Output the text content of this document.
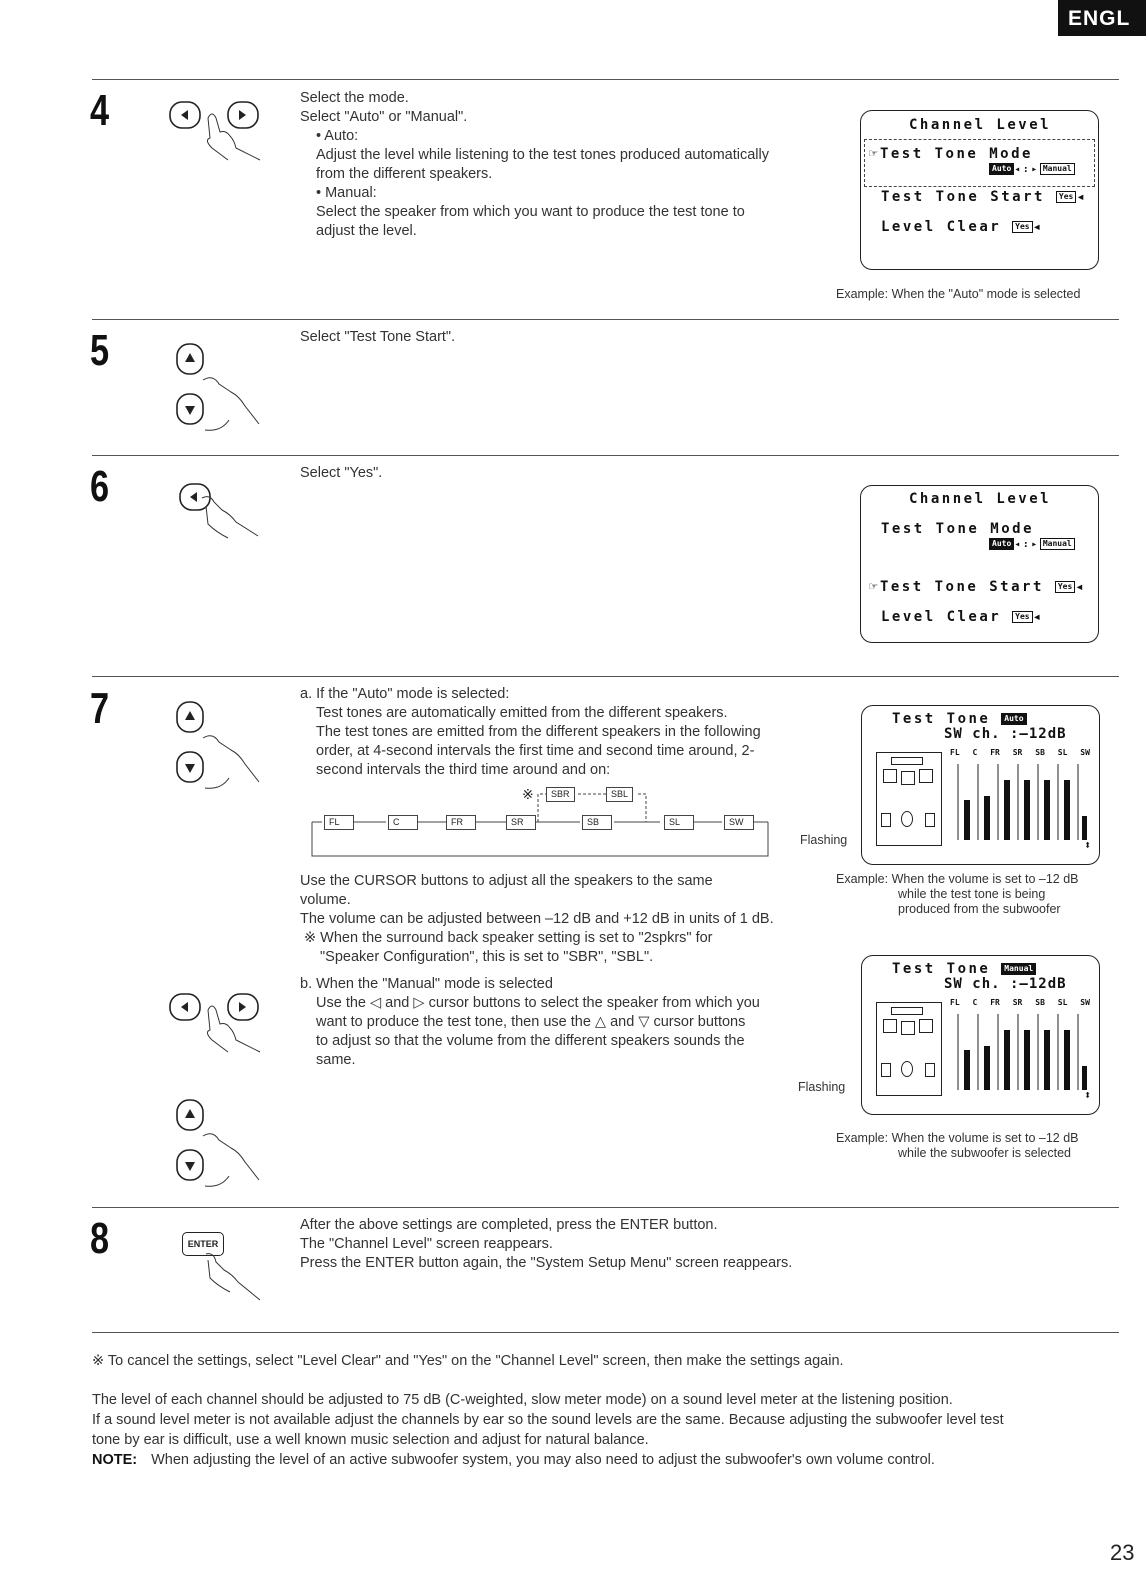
ENGL
4	Select the mode.

Select "Auto" or "Manual".

• Auto:

Adjust the level while listening to the test tones produced automatically

from the different speakers.

• Manual:

Select the speaker from which you want to produce the test tone to

adjust the level.

Channel Level
☞Test Tone Mode
Auto ◂:▸ Manual
Test Tone Start Yes ◂
Level Clear Yes ◂
Example: When the "Auto" mode is selected
5	Select "Test Tone Start".

6	Select "Yes".

Channel Level
Test Tone Mode
Auto ◂:▸ Manual
☞Test Tone Start Yes ◂
Level Clear Yes ◂
7	a. If the "Auto" mode is selected:

Test tones are automatically emitted from the different speakers.

The test tones are emitted from the different speakers in the following

order, at 4-second intervals the first time and second time around, 2-

second intervals the third time around and on:

※	SBR	SBL
FL	C	FR	SR	SB	SL	SW

Use the CURSOR buttons to adjust all the speakers to the same

volume.

The volume can be adjusted between –12 dB and +12 dB in units of 1 dB.

※ When the surround back speaker setting is set to "2spkrs" for

"Speaker Configuration", this is set to "SBR", "SBL".

b. When the "Manual" mode is selected

Use the ◁ and ▷ cursor buttons to select the speaker from which you

want to produce the test tone, then use the △ and ▽ cursor buttons

to adjust so that the volume from the different speakers sounds the

same.

Test Tone Auto
SW ch. :–12dB
FL C FR SR SB SL SW
⬍
Flashing
Example: When the volume is set to –12 dB
while the test tone is being
produced from the subwoofer
Test Tone Manual
SW ch. :–12dB
FL C FR SR SB SL SW
⬍
Flashing
Example: When the volume is set to –12 dB
while the subwoofer is selected
8	ENTER

After the above settings are completed, press the ENTER button.

The "Channel Level" screen reappears.

Press the ENTER button again, the "System Setup Menu" screen reappears.

※ To cancel the settings, select "Level Clear" and "Yes" on the "Channel Level" screen, then make the settings again.
The level of each channel should be adjusted to 75 dB (C-weighted, slow meter mode) on a sound level meter at the listening position.
If a sound level meter is not available adjust the channels by ear so the sound levels are the same. Because adjusting the subwoofer level test
tone by ear is difficult, use a well known music selection and adjust for natural balance.
NOTE: When adjusting the level of an active subwoofer system, you may also need to adjust the subwoofer's own volume control.
23
